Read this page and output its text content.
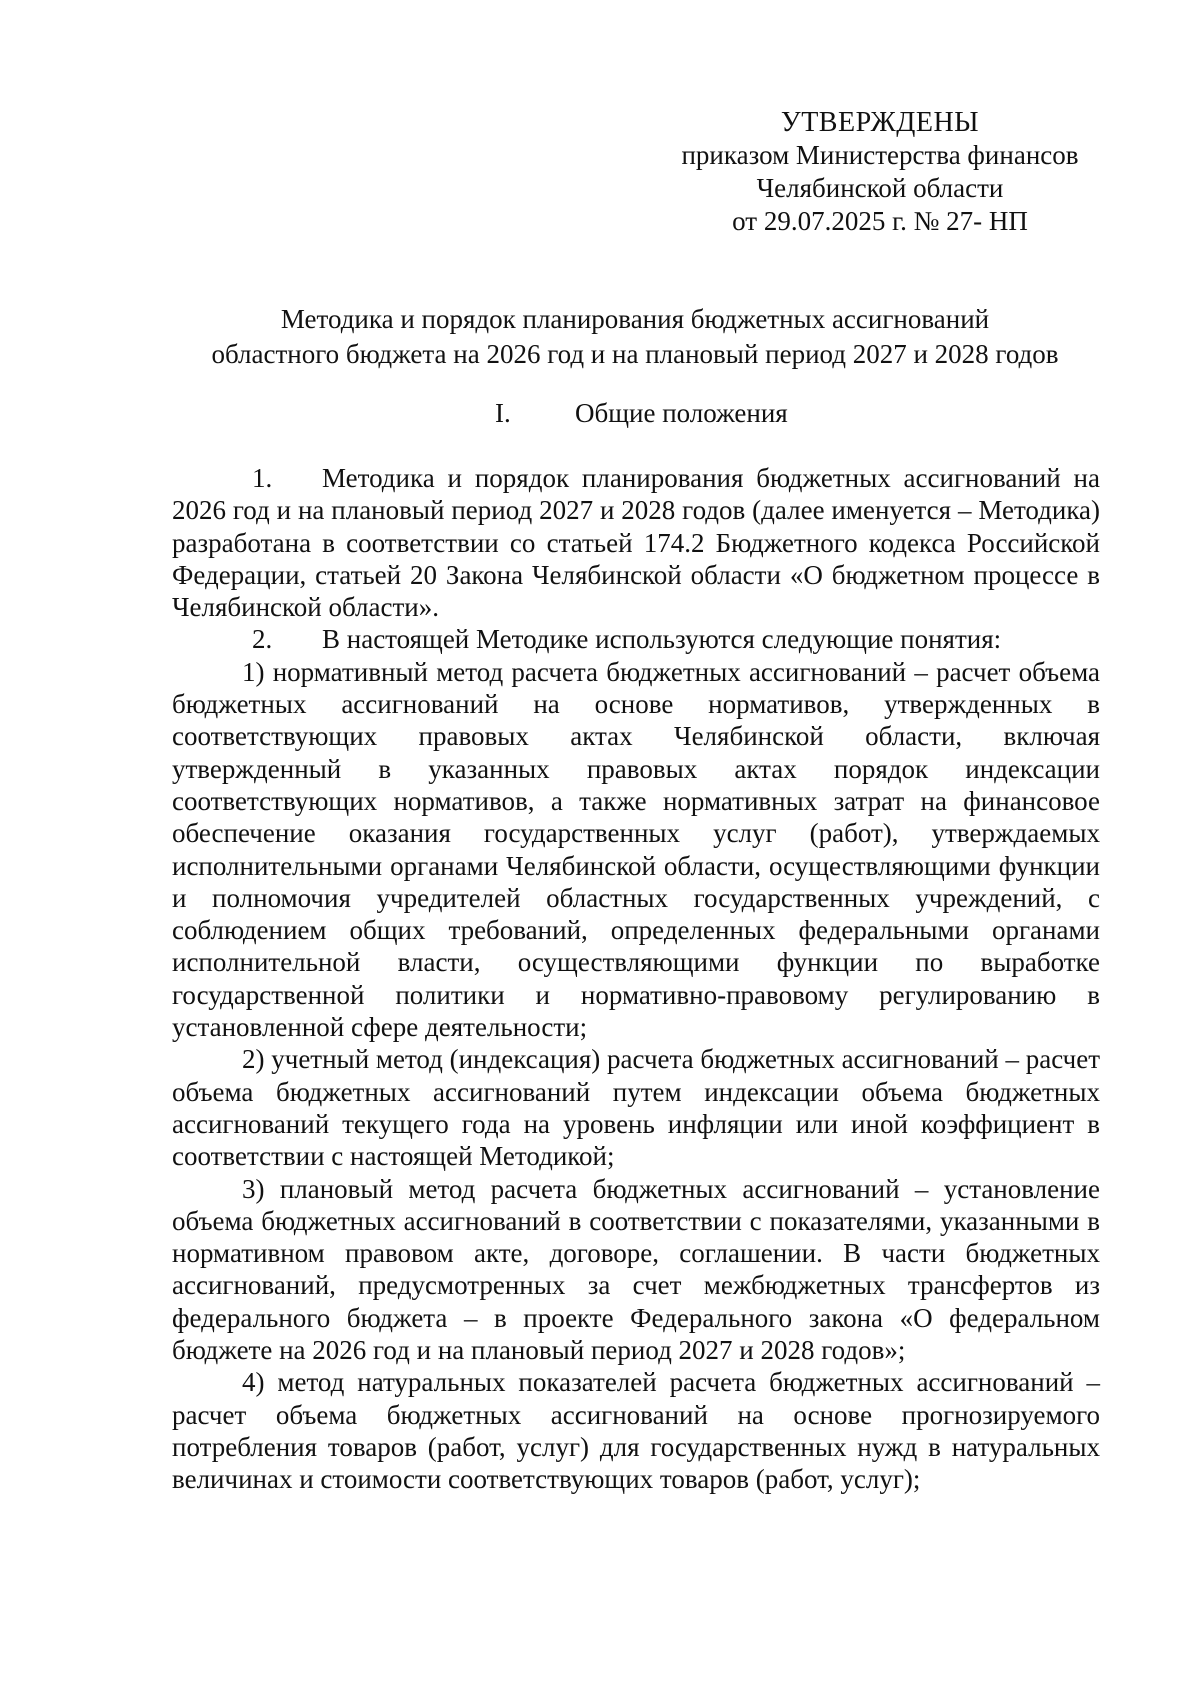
УТВЕРЖДЕНЫ
приказом Министерства финансов
Челябинской области
от 29.07.2025 г. № 27- НП
Методика и порядок планирования бюджетных ассигнований
областного бюджета на 2026 год и на плановый период 2027 и 2028 годов
I. Общие положения

1. Методика и порядок планирования бюджетных ассигнований на 2026 год и на плановый период 2027 и 2028 годов (далее именуется – Методика) разработана в соответствии со статьей 174.2 Бюджетного кодекса Российской Федерации, статьей 20 Закона Челябинской области «О бюджетном процессе в Челябинской области».

2. В настоящей Методике используются следующие понятия:

1) нормативный метод расчета бюджетных ассигнований – расчет объема бюджетных ассигнований на основе нормативов, утвержденных в соответствующих правовых актах Челябинской области, включая утвержденный в указанных правовых актах порядок индексации соответствующих нормативов, а также нормативных затрат на финансовое обеспечение оказания государственных услуг (работ), утверждаемых исполнительными органами Челябинской области, осуществляющими функции и полномочия учредителей областных государственных учреждений, с соблюдением общих требований, определенных федеральными органами исполнительной власти, осуществляющими функции по выработке государственной политики и нормативно-правовому регулированию в установленной сфере деятельности;

2) учетный метод (индексация) расчета бюджетных ассигнований – расчет объема бюджетных ассигнований путем индексации объема бюджетных ассигнований текущего года на уровень инфляции или иной коэффициент в соответствии с настоящей Методикой;

3) плановый метод расчета бюджетных ассигнований – установление объема бюджетных ассигнований в соответствии с показателями, указанными в нормативном правовом акте, договоре, соглашении. В части бюджетных ассигнований, предусмотренных за счет межбюджетных трансфертов из федерального бюджета – в проекте Федерального закона «О федеральном бюджете на 2026 год и на плановый период 2027 и 2028 годов»;

4) метод натуральных показателей расчета бюджетных ассигнований – расчет объема бюджетных ассигнований на основе прогнозируемого потребления товаров (работ, услуг) для государственных нужд в натуральных величинах и стоимости соответствующих товаров (работ, услуг);
